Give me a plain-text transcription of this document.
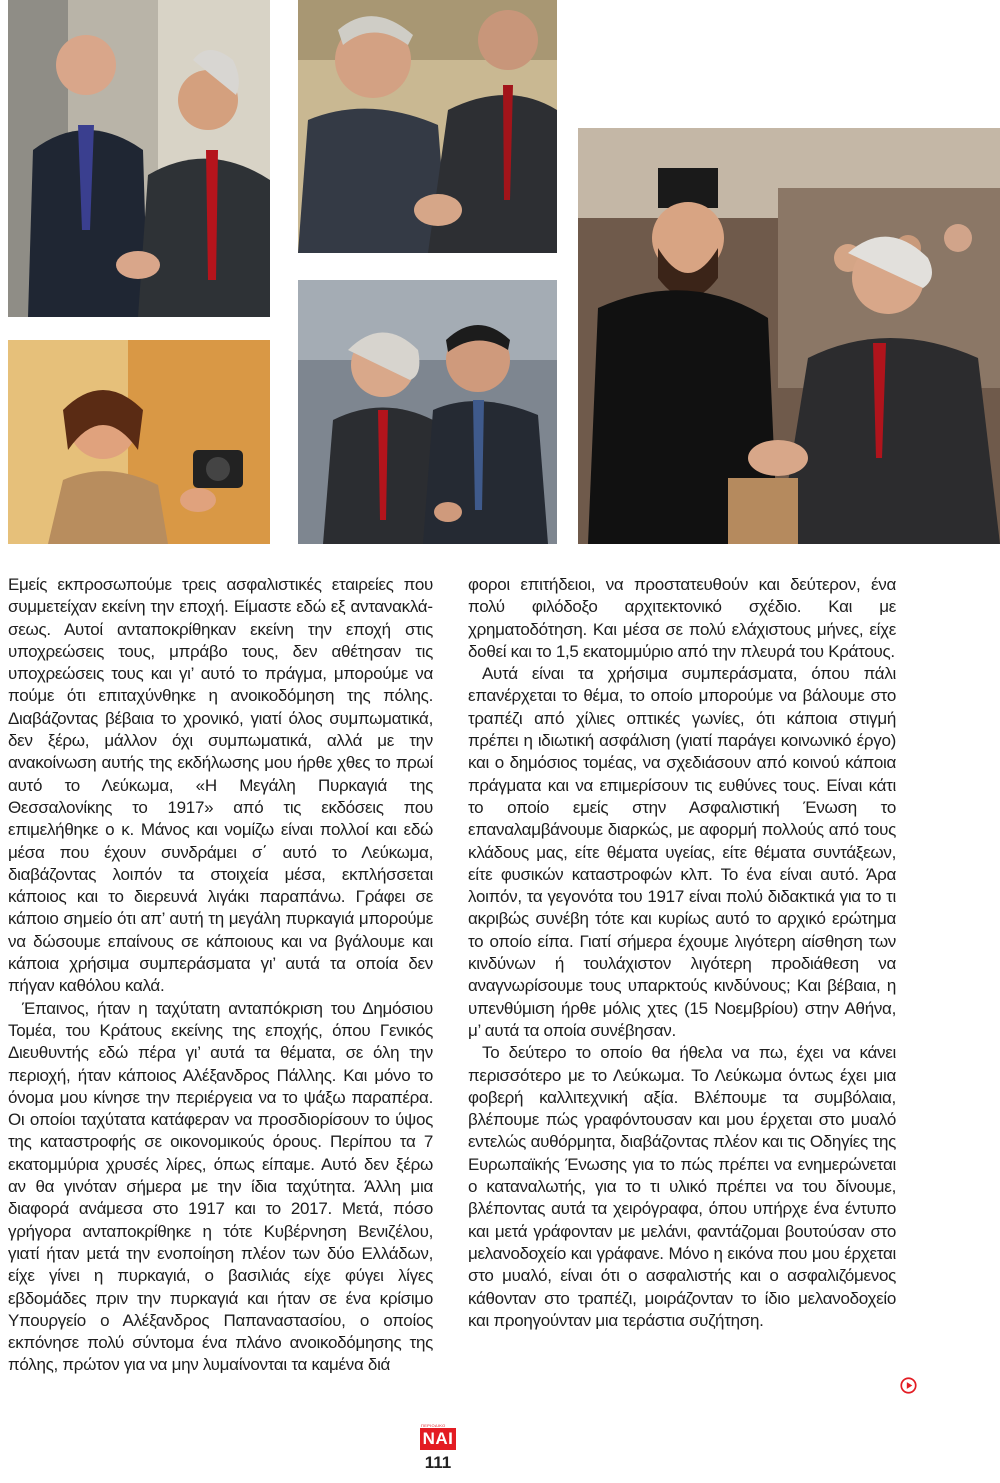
Εμείς εκπροσωπούμε τρεις ασφαλιστικές εταιρείες που συμμετείχαν εκείνη την εποχή. Είμαστε εδώ εξ αντανακλάσεως. Αυτοί ανταποκρίθηκαν εκείνη την εποχή στις υποχρεώσεις τους, μπράβο τους, δεν αθέτησαν τις υποχρεώσεις τους και γι’ αυτό το πράγμα, μπορούμε να πούμε ότι επιταχύνθηκε η ανοικοδόμηση της πόλης. Διαβάζοντας βέβαια το χρονικό, γιατί όλος συμπωματικά, δεν ξέρω, μάλλον όχι συμπωματικά, αλλά με την ανακοίνωση αυτής της εκδήλωσης μου ήρθε χθες το πρωί αυτό το Λεύκωμα, «Η Μεγάλη Πυρκαγιά της Θεσσαλονίκης το 1917» από τις εκδόσεις που επιμελήθηκε ο κ. Μάνος και νομίζω είναι πολλοί και εδώ μέσα που έχουν συνδράμει σ΄ αυτό το Λεύκωμα, διαβάζοντας λοιπόν τα στοιχεία μέσα, εκπλήσσεται κάποιος και το διερευνά λιγάκι παραπάνω. Γράφει σε κάποιο σημείο ότι απ’ αυτή τη μεγάλη πυρκαγιά μπορούμε να δώσουμε επαίνους σε κάποιους και να βγάλουμε και κάποια χρήσιμα συμπεράσματα γι’ αυτά τα οποία δεν πήγαν καθόλου καλά.

Έπαινος, ήταν η ταχύτατη ανταπόκριση του Δημόσιου Τομέα, του Κράτους εκείνης της εποχής, όπου Γενικός Διευθυντής εδώ πέρα γι’ αυτά τα θέματα, σε όλη την περιοχή, ήταν κάποιος Αλέξανδρος Πάλλης. Και μόνο το όνομα μου κίνησε την περιέργεια να το ψάξω παραπέρα. Οι οποίοι ταχύτατα κατάφεραν να προσδιορίσουν το ύψος της καταστροφής σε οικονομικούς όρους. Περίπου τα 7 εκατομμύρια χρυσές λίρες, όπως είπαμε. Αυτό δεν ξέρω αν θα γινόταν σήμερα με την ίδια ταχύτητα. Άλλη μια διαφορά ανάμεσα στο 1917 και το 2017. Μετά, πόσο γρήγορα ανταποκρίθηκε η τότε Κυβέρνηση Βενιζέλου, γιατί ήταν μετά την ενοποίηση πλέον των δύο Ελλάδων, είχε γίνει η πυρκαγιά, ο βασιλιάς είχε φύγει λίγες εβδομάδες πριν την πυρκαγιά και ήταν σε ένα κρίσιμο Υπουργείο ο Αλέξανδρος Παπαναστασίου, ο οποίος εκπόνησε πολύ σύντομα ένα πλάνο ανοικοδόμησης της πόλης, πρώτον για να μην λυμαίνονται τα καμένα διά

φοροι επιτήδειοι, να προστατευθούν και δεύτερον, ένα πολύ φιλόδοξο αρχιτεκτονικό σχέδιο. Και με χρηματοδότηση. Και μέσα σε πολύ ελάχιστους μήνες, είχε δοθεί και το 1,5 εκατομμύριο από την πλευρά του Κράτους.

Αυτά είναι τα χρήσιμα συμπεράσματα, όπου πάλι επανέρχεται το θέμα, το οποίο μπορούμε να βάλουμε στο τραπέζι από χίλιες οπτικές γωνίες, ότι κάποια στιγμή πρέπει η ιδιωτική ασφάλιση (γιατί παράγει κοινωνικό έργο) και ο δημόσιος τομέας, να σχεδιάσουν από κοινού κάποια πράγματα και να επιμερίσουν τις ευθύνες τους. Είναι κάτι το οποίο εμείς στην Ασφαλιστική Ένωση το επαναλαμβάνουμε διαρκώς, με αφορμή πολλούς από τους κλάδους μας, είτε θέματα υγείας, είτε θέματα συντάξεων, είτε φυσικών καταστροφών κλπ. Το ένα είναι αυτό. Άρα λοιπόν, τα γεγονότα του 1917 είναι πολύ διδακτικά για το τι ακριβώς συνέβη τότε και κυρίως αυτό το αρχικό ερώτημα το οποίο είπα. Γιατί σήμερα έχουμε λιγότερη αίσθηση των κινδύνων ή τουλάχιστον λιγότερη προδιάθεση να αναγνωρίσουμε τους υπαρκτούς κινδύνους; Και βέβαια, η υπενθύμιση ήρθε μόλις χτες (15 Νοεμβρίου) στην Αθήνα, μ’ αυτά τα οποία συνέβησαν.

Το δεύτερο το οποίο θα ήθελα να πω, έχει να κάνει περισσότερο με το Λεύκωμα. Το Λεύκωμα όντως έχει μια φοβερή καλλιτεχνική αξία. Βλέπουμε τα συμβόλαια, βλέπουμε πώς γραφόντουσαν και μου έρχεται στο μυαλό εντελώς αυθόρμητα, διαβάζοντας πλέον και τις Οδηγίες της Ευρωπαϊκής Ένωσης για το πώς πρέπει να ενημερώνεται ο καταναλωτής, για το τι υλικό πρέπει να του δίνουμε, βλέποντας αυτά τα χειρόγραφα, όπου υπήρχε ένα έντυπο και μετά γράφονταν με μελάνι, φαντάζομαι βουτούσαν στο μελανοδοχείο και γράφανε. Μόνο η εικόνα που μου έρχεται στο μυαλό, είναι ότι ο ασφαλιστής και ο ασφαλιζόμενος κάθονταν στο τραπέζι, μοιράζονταν το ίδιο μελανοδοχείο και προηγούνταν μια τεράστια συζήτηση.

ΠΕΡΙΟΔΙΚΟ
ΝΑΙ
111
